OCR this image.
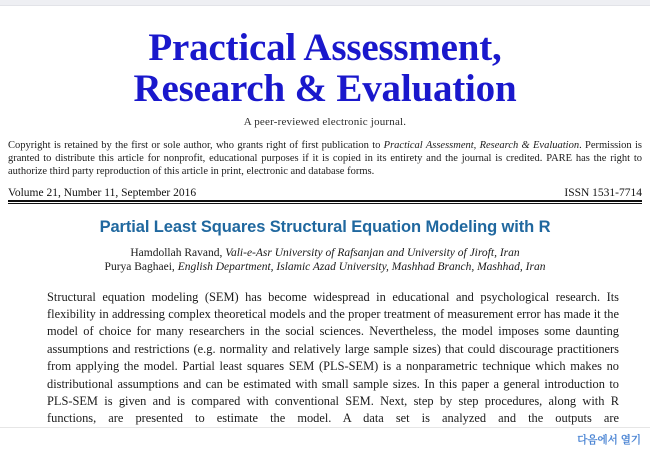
Practical Assessment,
Research & Evaluation
A peer-reviewed electronic journal.
Copyright is retained by the first or sole author, who grants right of first publication to Practical Assessment, Research & Evaluation. Permission is granted to distribute this article for nonprofit, educational purposes if it is copied in its entirety and the journal is credited. PARE has the right to authorize third party reproduction of this article in print, electronic and database forms.
Volume 21, Number 11, September 2016	ISSN 1531-7714
Partial Least Squares Structural Equation Modeling with R
Hamdollah Ravand, Vali-e-Asr University of Rafsanjan and University of Jiroft, Iran
Purya Baghaei, English Department, Islamic Azad University, Mashhad Branch, Mashhad, Iran
Structural equation modeling (SEM) has become widespread in educational and psychological research. Its flexibility in addressing complex theoretical models and the proper treatment of measurement error has made it the model of choice for many researchers in the social sciences. Nevertheless, the model imposes some daunting assumptions and restrictions (e.g. normality and relatively large sample sizes) that could discourage practitioners from applying the model. Partial least squares SEM (PLS-SEM) is a nonparametric technique which makes no distributional assumptions and can be estimated with small sample sizes. In this paper a general introduction to PLS-SEM is given and is compared with conventional SEM. Next, step by step procedures, along with R functions, are presented to estimate the model. A data set is analyzed and the outputs are
다음에서 열기
